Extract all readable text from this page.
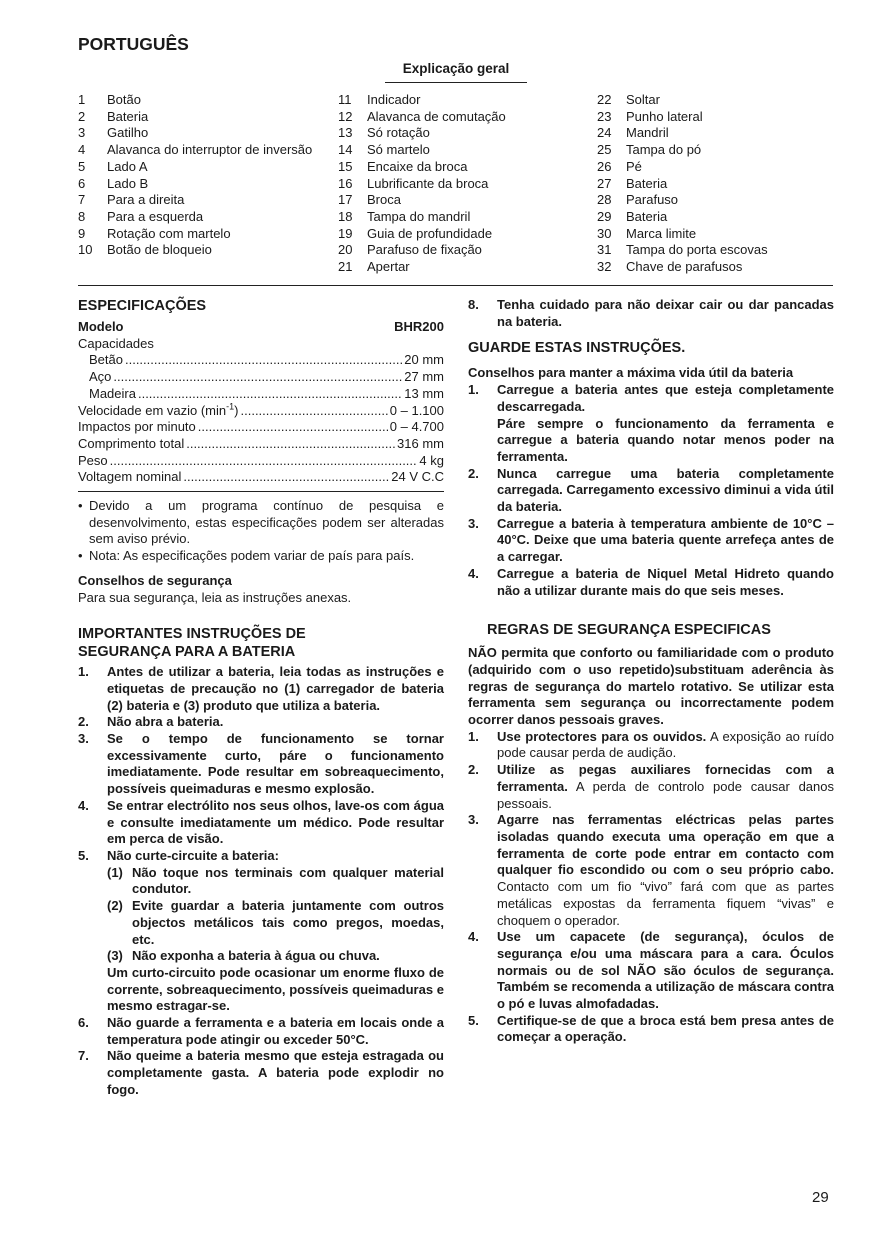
PORTUGUÊS
Explicação geral
1	Botão
2	Bateria
3	Gatilho
4	Alavanca do interruptor de inversão
5	Lado A
6	Lado B
7	Para a direita
8	Para a esquerda
9	Rotação com martelo
10	Botão de bloqueio
11	Indicador
12	Alavanca de comutação
13	Só rotação
14	Só martelo
15	Encaixe da broca
16	Lubrificante da broca
17	Broca
18	Tampa do mandril
19	Guia de profundidade
20	Parafuso de fixação
21	Apertar
22	Soltar
23	Punho lateral
24	Mandril
25	Tampa do pó
26	Pé
27	Bateria
28	Parafuso
29	Bateria
30	Marca limite
31	Tampa do porta escovas
32	Chave de parafusos
ESPECIFICAÇÕES
Modelo	BHR200
Capacidades
Betão .....	20 mm
Aço .....	27 mm
Madeira .....	13 mm
Velocidade em vazio $(\min^{-1})$ .....	0 – 1.100
Impactos por minuto .....	0 – 4.700
Comprimento total .....	316 mm
Peso .....	4 kg
Voltagem nominal .....	24 V C.C
• Devido a um programa contínuo de pesquisa e desenvolvimento, estas especificações podem ser alteradas sem aviso prévio.

• Nota: As especificações podem variar de país para país.

Conselhos de segurança

Para sua segurança, leia as instruções anexas.

IMPORTANTES INSTRUÇÕES DE
SEGURANÇA PARA A BATERIA
1.	Antes de utilizar a bateria, leia todas as instruções e etiquetas de precaução no (1) carregador de bateria (2) bateria e (3) produto que utiliza a bateria.
2.	Não abra a bateria.
3.	Se o tempo de funcionamento se tornar excessivamente curto, páre o funcionamento imediatamente. Pode resultar em sobreaquecimento, possíveis queimaduras e mesmo explosão.
4.	Se entrar electrólito nos seus olhos, lave-os com água e consulte imediatamente um médico. Pode resultar em perca de visão.
5.	Não curte-circuite a bateria:
(1) Não toque nos terminais com qualquer material condutor.
(2) Evite guardar a bateria juntamente com outros objectos metálicos tais como pregos, moedas, etc.
(3) Não exponha a bateria à água ou chuva.

Um curto-circuito pode ocasionar um enorme fluxo de corrente, sobreaquecimento, possíveis queimaduras e mesmo estragar-se.

6.	Não guarde a ferramenta e a bateria em locais onde a temperatura pode atingir ou exceder 50°C.
7.	Não queime a bateria mesmo que esteja estragada ou completamente gasta. A bateria pode explodir no fogo.
8.	Tenha cuidado para não deixar cair ou dar pancadas na bateria.
GUARDE ESTAS INSTRUÇÕES.
Conselhos para manter a máxima vida útil da bateria
1.	Carregue a bateria antes que esteja completamente descarregada.

Páre sempre o funcionamento da ferramenta e carregue a bateria quando notar menos poder na ferramenta.

2.	Nunca carregue uma bateria completamente carregada. Carregamento excessivo diminui a vida útil da bateria.

3.	Carregue a bateria à temperatura ambiente de 10°C – 40°C. Deixe que uma bateria quente arrefeça antes de a carregar.

4.	Carregue a bateria de Niquel Metal Hidreto quando não a utilizar durante mais do que seis meses.

REGRAS DE SEGURANÇA ESPECIFICAS

NÃO permita que conforto ou familiaridade com o produto (adquirido com o uso repetido)substituam aderência às regras de segurança do martelo rotativo. Se utilizar esta ferramenta sem segurança ou incorrectamente podem ocorrer danos pessoais graves.

1.	Use protectores para os ouvidos. A exposição ao ruído pode causar perda de audição.

2.	Utilize as pegas auxiliares fornecidas com a ferramenta. A perda de controlo pode causar danos pessoais.

3.	Agarre nas ferramentas eléctricas pelas partes isoladas quando executa uma operação em que a ferramenta de corte pode entrar em contacto com qualquer fio escondido ou com o seu próprio cabo. Contacto com um fio “vivo” fará com que as partes metálicas expostas da ferramenta fiquem “vivas” e choquem o operador.

4.	Use um capacete (de segurança), óculos de segurança e/ou uma máscara para a cara. Óculos normais ou de sol NÃO são óculos de segurança. Também se recomenda a utilização de máscara contra o pó e luvas almofadadas.

5.	Certifique-se de que a broca está bem presa antes de começar a operação.

29
